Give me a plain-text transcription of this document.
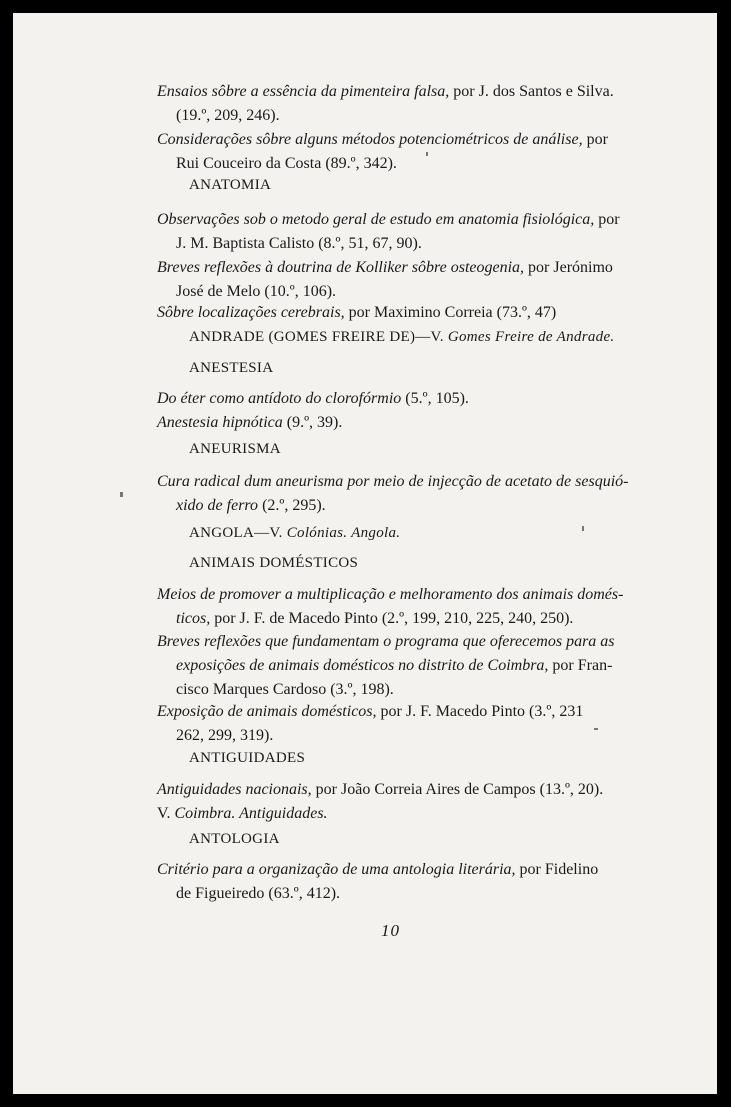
Ensaios sôbre a essência da pimenteira falsa, por J. dos Santos e Silva.
(19.º, 209, 246).
Considerações sôbre alguns métodos potenciométricos de análise, por
Rui Couceiro da Costa (89.º, 342).
ANATOMIA
Observações sob o metodo geral de estudo em anatomia fisiológica, por
J. M. Baptista Calisto (8.º, 51, 67, 90).
Breves reflexões à doutrina de Kolliker sôbre osteogenia, por Jerónimo
José de Melo (10.º, 106).
Sôbre localizações cerebrais, por Maximino Correia (73.º, 47)
ANDRADE (GOMES FREIRE DE)—V. Gomes Freire de Andrade.
ANESTESIA
Do éter como antídoto do clorofórmio (5.º, 105).
Anestesia hipnótica (9.º, 39).
ANEURISMA
Cura radical dum aneurisma por meio de injecção de acetato de sesquió-
xido de ferro (2.º, 295).
ANGOLA—V. Colónias. Angola.
ANIMAIS DOMÉSTICOS
Meios de promover a multiplicação e melhoramento dos animais domés-
ticos, por J. F. de Macedo Pinto (2.º, 199, 210, 225, 240, 250).
Breves reflexões que fundamentam o programa que oferecemos para as
exposições de animais domésticos no distrito de Coimbra, por Fran-
cisco Marques Cardoso (3.º, 198).
Exposição de animais domésticos, por J. F. Macedo Pinto (3.º, 231
262, 299, 319).
ANTIGUIDADES
Antiguidades nacionais, por João Correia Aires de Campos (13.º, 20).
V. Coimbra. Antiguidades.
ANTOLOGIA
Critério para a organização de uma antologia literária, por Fidelino
de Figueiredo (63.º, 412).
10
